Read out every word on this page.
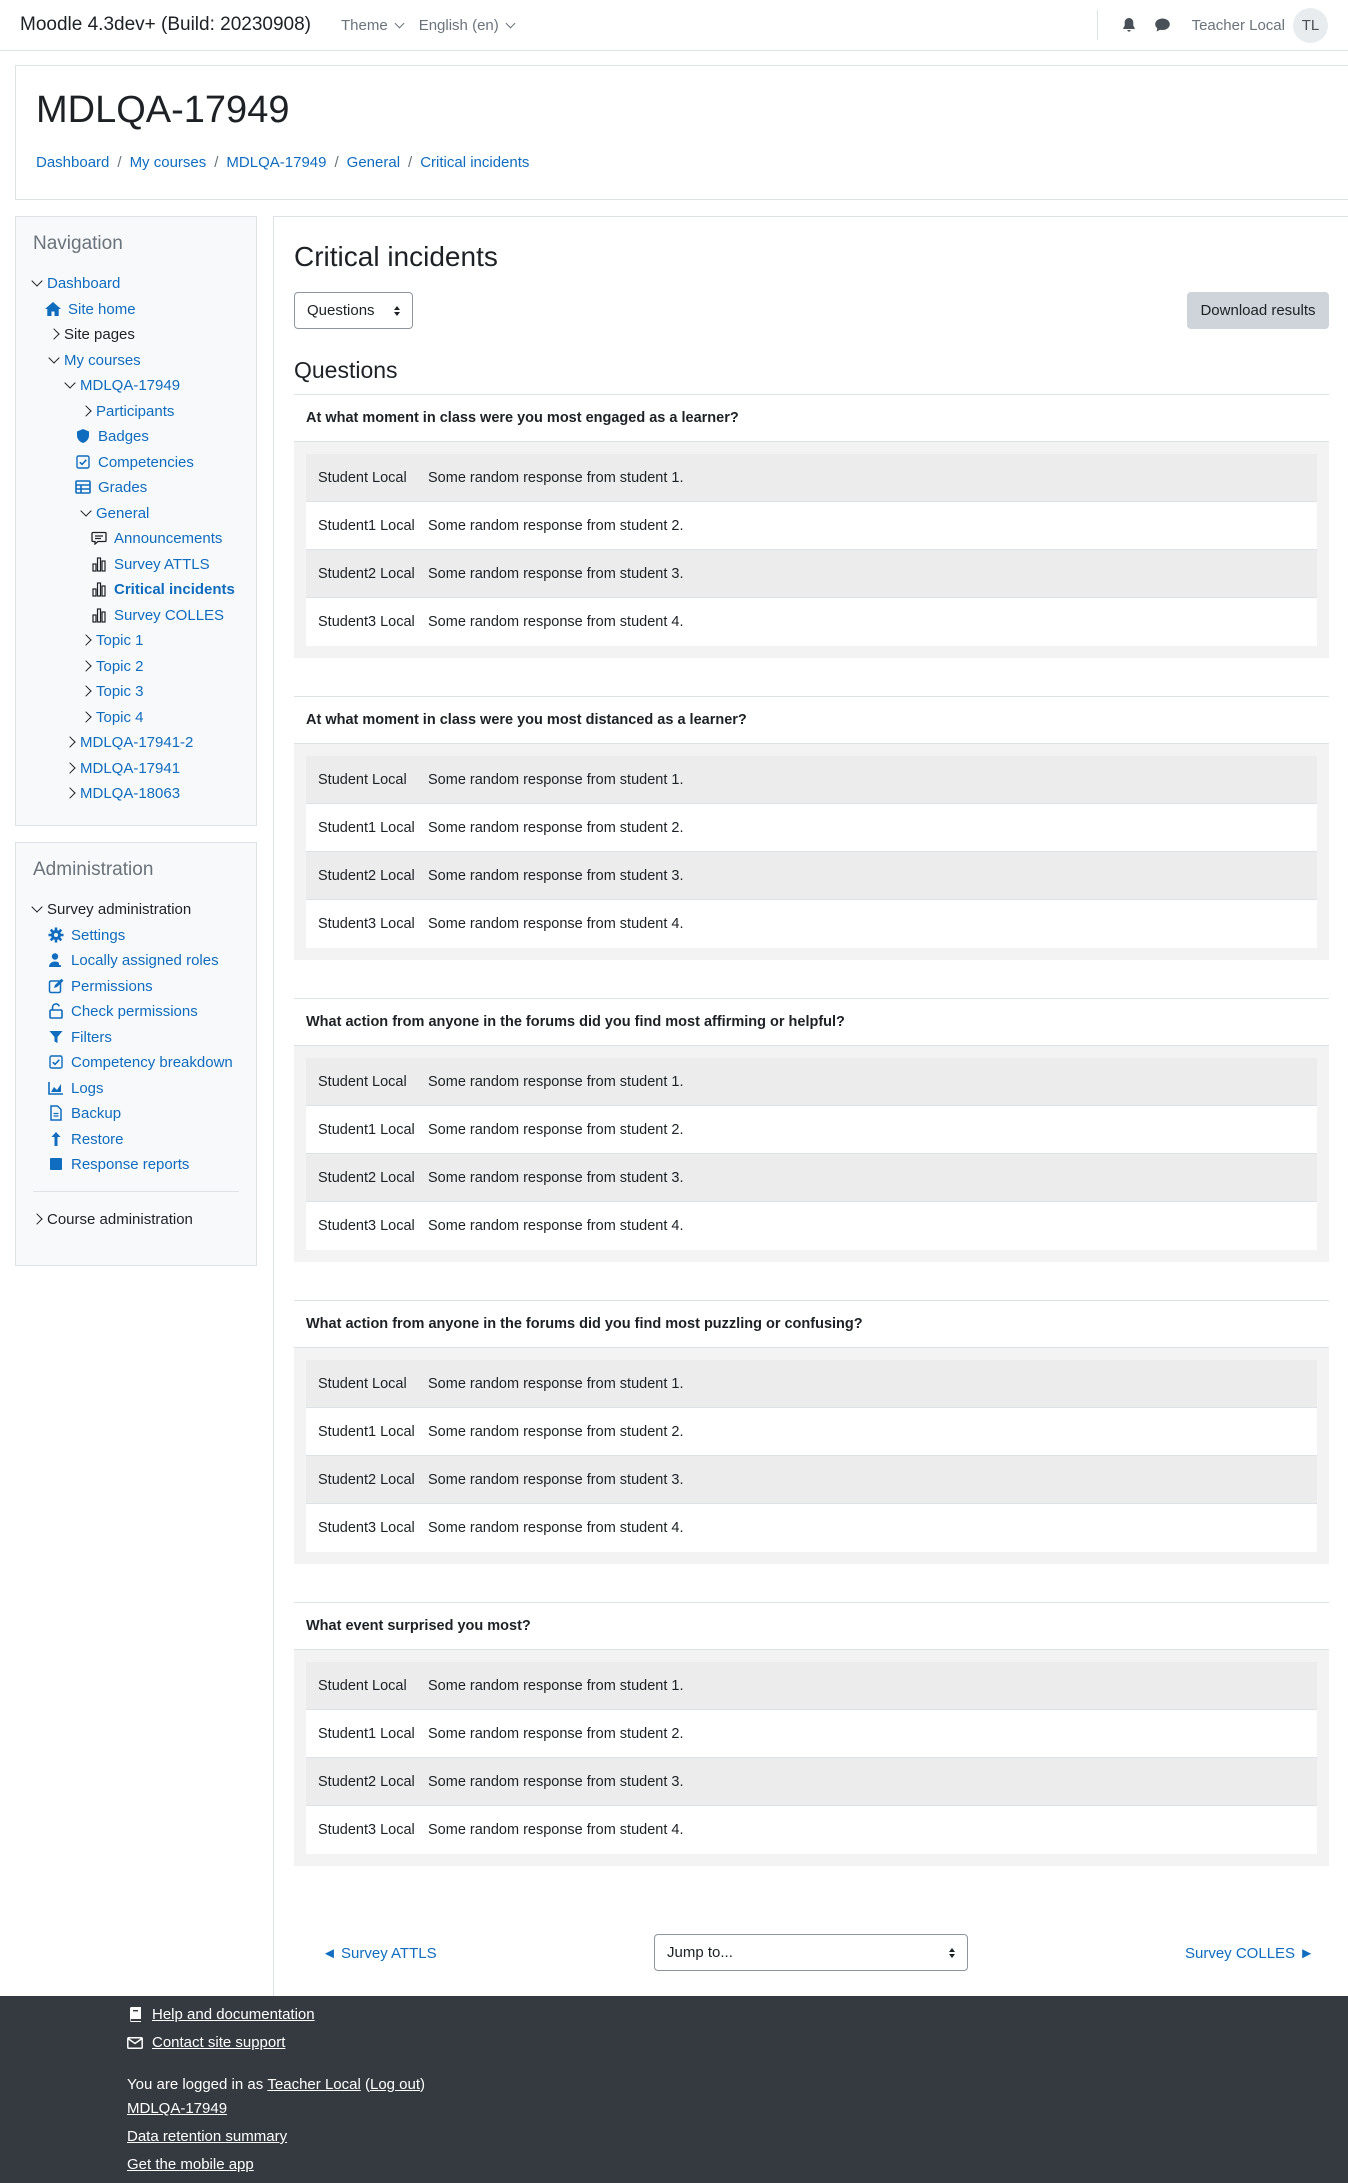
Moodle 4.3dev+ (Build: 20230908) Theme English (en)	Teacher Local	TL
MDLQA-17949
Dashboard / My courses / MDLQA-17949 / General / Critical incidents
Navigation
Dashboard
Site home
Site pages
My courses
MDLQA-17949
Participants
Badges
Competencies
Grades
General
Announcements
Survey ATTLS
Critical incidents
Survey COLLES
Topic 1
Topic 2
Topic 3
Topic 4
MDLQA-17941-2
MDLQA-17941
MDLQA-18063
Administration
Survey administration
Settings
Locally assigned roles
Permissions
Check permissions
Filters
Competency breakdown
Logs
Backup
Restore
Response reports
Course administration
Critical incidents
Questions	Download results
Questions
At what moment in class were you most engaged as a learner?
Student Local	Some random response from student 1.
Student1 Local Some random response from student 2.
Student2 Local Some random response from student 3.
Student3 Local Some random response from student 4.
At what moment in class were you most distanced as a learner?
Student Local	Some random response from student 1.
Student1 Local Some random response from student 2.
Student2 Local Some random response from student 3.
Student3 Local Some random response from student 4.
What action from anyone in the forums did you find most affirming or helpful?
Student Local	Some random response from student 1.
Student1 Local Some random response from student 2.
Student2 Local Some random response from student 3.
Student3 Local Some random response from student 4.
What action from anyone in the forums did you find most puzzling or confusing?
Student Local	Some random response from student 1.
Student1 Local Some random response from student 2.
Student2 Local Some random response from student 3.
Student3 Local Some random response from student 4.
What event surprised you most?
Student Local	Some random response from student 1.
Student1 Local Some random response from student 2.
Student2 Local Some random response from student 3.
Student3 Local Some random response from student 4.
◄ Survey ATTLS	Jump to...	Survey COLLES ►
Help and documentation
Contact site support
You are logged in as
Teacher Local
( Log out )
MDLQA-17949
Data retention summary
Get the mobile app
